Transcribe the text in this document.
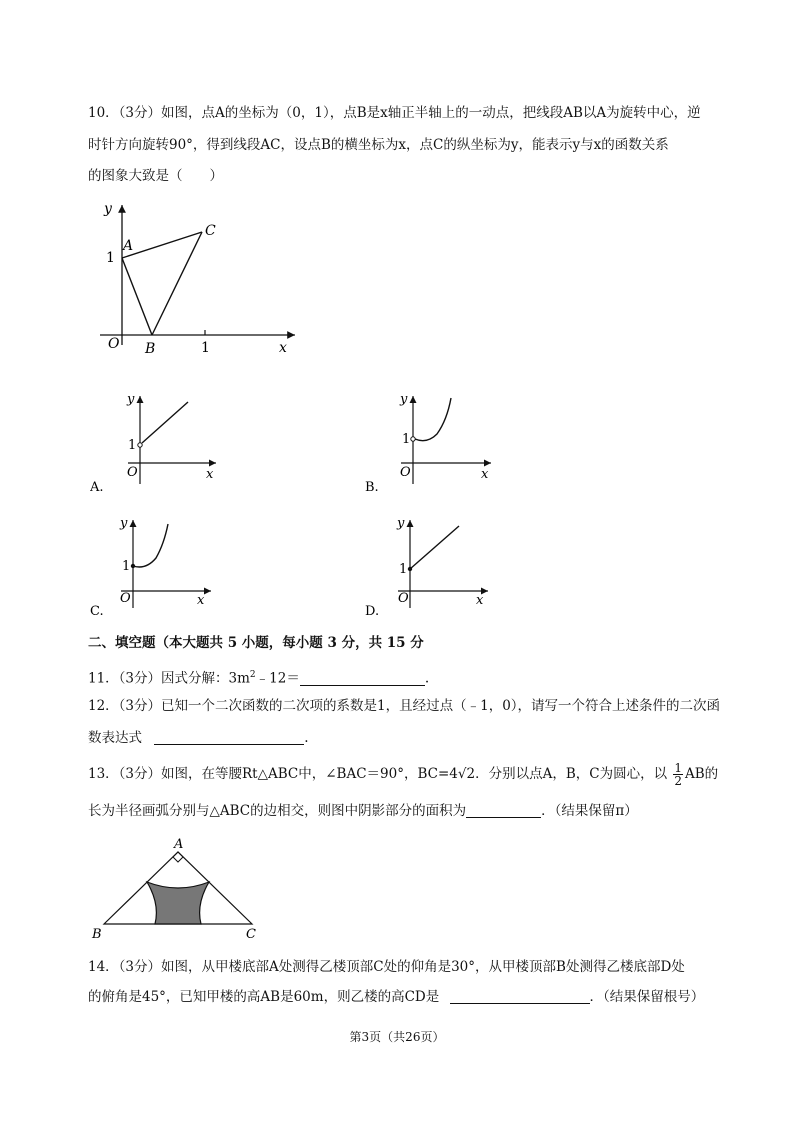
10．（3分）如图，点A的坐标为（0，1），点B是x轴正半轴上的一动点，把线段AB以A为旋转中心，逆
时针方向旋转90°，得到线段AC，设点B的横坐标为x，点C的纵坐标为y，能表示y与x的函数关系
的图象大致是（　　）
y
x
O
A
B
C
1
1
y
x
O
1
A.
y
x
O
1
B.
y
x
O
1
C.
y
x
O
1
D.
二、填空题（本大题共 5 小题，每小题 3 分，共 15 分
11．（3分）因式分解：$3m^2﹣12=$	.
12．（3分）已知一个二次函数的二次项的系数是1，且经过点（﹣1，0），请写一个符合上述条件的二次函
数表达式	.
13．（3分）如图，在等腰Rt△ABC中，∠BAC＝90°，BC=4√2．分别以点A，B，C为圆心，以 $\frac{1}{2}$ AB的
长为半径画弧分别与△ABC的边相交，则图中阴影部分的面积为	．（结果保留π）
A
B	C
14．（3分）如图，从甲楼底部A处测得乙楼顶部C处的仰角是30°，从甲楼顶部B处测得乙楼底部D处
的俯角是45°，已知甲楼的高AB是60m，则乙楼的高CD是	．（结果保留根号）
第3页（共26页）
